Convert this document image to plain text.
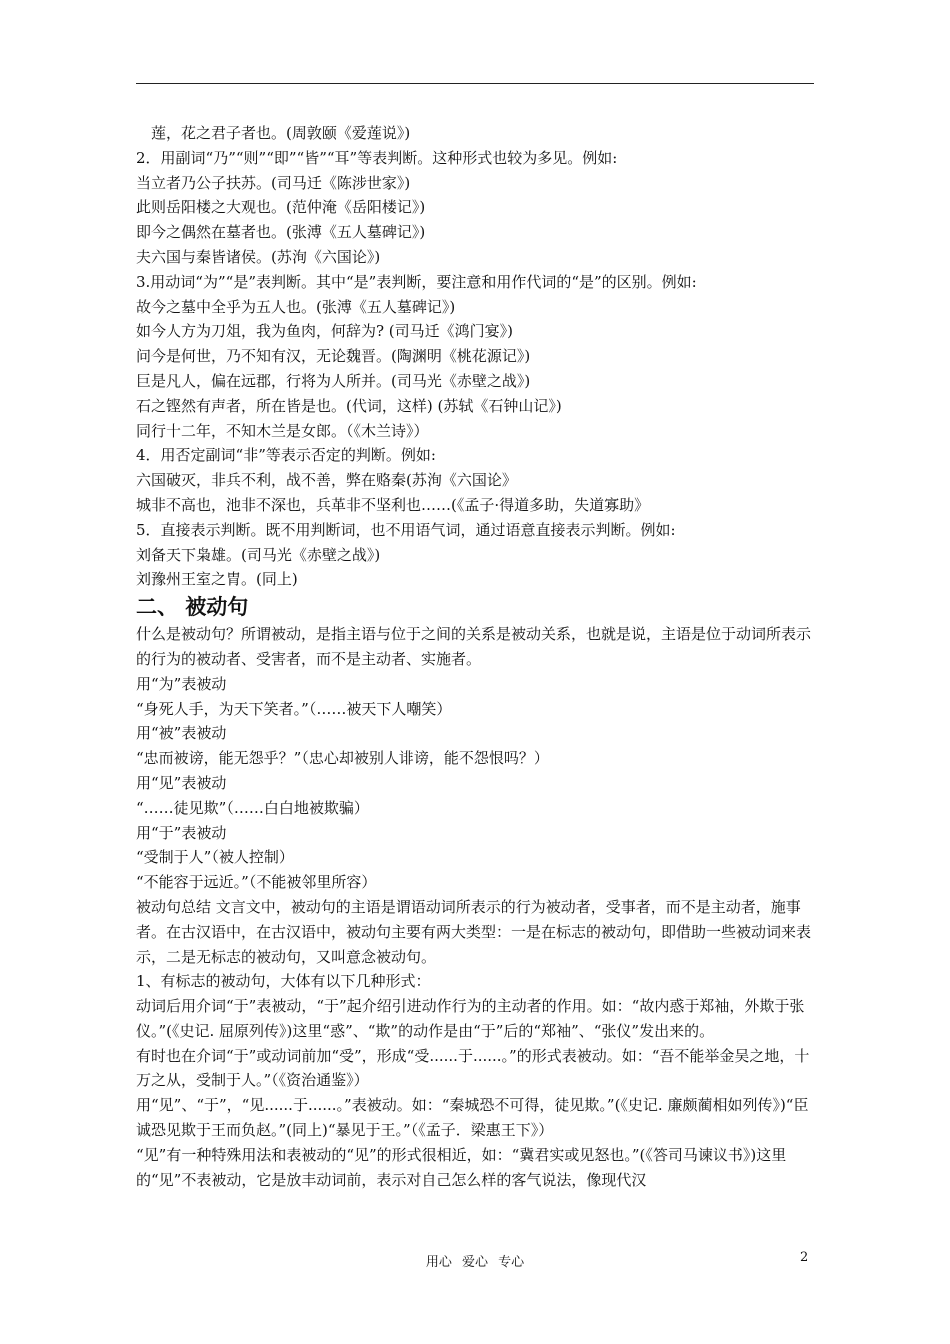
莲，花之君子者也。(周敦颐《爱莲说》)
2．用副词“乃”“则”“即”“皆”“耳”等表判断。这种形式也较为多见。例如:
当立者乃公子扶苏。(司马迁《陈涉世家》)
此则岳阳楼之大观也。(范仲淹《岳阳楼记》)
即今之偶然在墓者也。(张溥《五人墓碑记》)
夫六国与秦皆诸侯。(苏洵《六国论》)
3.用动词“为”“是”表判断。其中“是”表判断，要注意和用作代词的“是”的区别。例如:
故今之墓中全乎为五人也。(张溥《五人墓碑记》)
如今人方为刀俎，我为鱼肉，何辞为? (司马迁《鸿门宴》)
问今是何世，乃不知有汉，无论魏晋。(陶渊明《桃花源记》)
巨是凡人，偏在远郡，行将为人所并。(司马光《赤壁之战》)
石之铿然有声者，所在皆是也。(代词，这样) (苏轼《石钟山记》)
同行十二年，不知木兰是女郎。（《木兰诗》）
4．用否定副词“非”等表示否定的判断。例如:
六国破灭，非兵不利，战不善，弊在赂秦(苏洵《六国论》
城非不高也，池非不深也，兵革非不坚利也……(《孟子·得道多助，失道寡助》
5．直接表示判断。既不用判断词，也不用语气词，通过语意直接表示判断。例如:
刘备天下枭雄。(司马光《赤壁之战》)
刘豫州王室之胄。(同上)
二、 被动句
什么是被动句？所谓被动，是指主语与位于之间的关系是被动关系，也就是说，主语是位于动词所表示的行为的被动者、受害者，而不是主动者、实施者。
用“为”表被动
“身死人手，为天下笑者。”（……被天下人嘲笑）
用“被”表被动
“忠而被谤，能无怨乎？”（忠心却被别人诽谤，能不怨恨吗？）
用“见”表被动
“……徒见欺”（……白白地被欺骗）
用“于”表被动
“受制于人”（被人控制）
“不能容于远近。”（不能被邻里所容）
被动句总结 文言文中，被动句的主语是谓语动词所表示的行为被动者，受事者，而不是主动者，施事者。在古汉语中，在古汉语中，被动句主要有两大类型：一是在标志的被动句，即借助一些被动词来表示，二是无标志的被动句，又叫意念被动句。
1、有标志的被动句，大体有以下几种形式：
动词后用介词“于”表被动，“于”起介绍引进动作行为的主动者的作用。如：“故内惑于郑袖，外欺于张仪。”(《史记. 屈原列传》)这里“惑”、“欺”的动作是由“于”后的“郑袖”、“张仪”发出来的。
有时也在介词“于”或动词前加“受”，形成“受......于......。”的形式表被动。如：“吾不能举金吴之地，十万之从，受制于人。”（《资治通鉴》）
用“见”、“于”，“见......于......。”表被动。如：“秦城恐不可得，徒见欺。”(《史记. 廉颇蔺相如列传》)“臣诚恐见欺于王而负赵。”(同上)“暴见于王。”（《孟子．梁惠王下》）
“见”有一种特殊用法和表被动的“见”的形式很相近，如：“冀君实或见怒也。”(《答司马谏议书》)这里的“见”不表被动，它是放丰动词前，表示对自己怎么样的客气说法，像现代汉
用心 爱心 专心	2
